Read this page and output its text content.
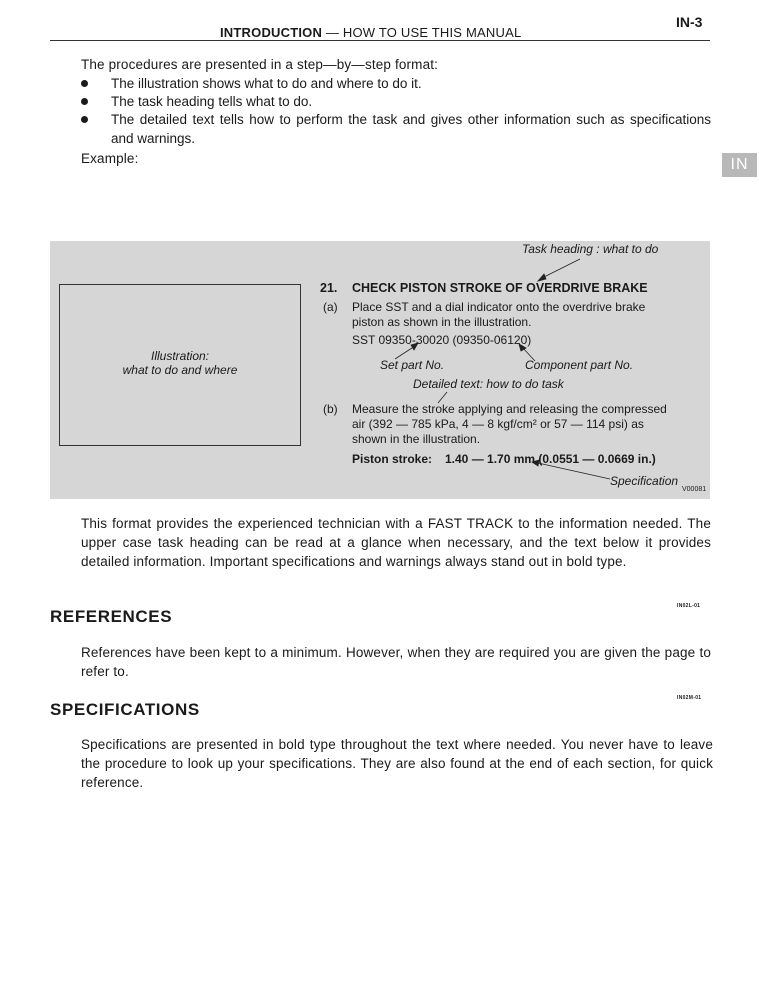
INTRODUCTION — HOW TO USE THIS MANUAL
IN-3
IN
The procedures are presented in a step—by—step format:
The illustration shows what to do and where to do it.
The task heading tells what to do.
The detailed text tells how to perform the task and gives other information such as specifications and warnings.
Example:
Illustration:
what to do and where
Task heading : what to do
21. CHECK PISTON STROKE OF OVERDRIVE BRAKE
(a) Place SST and a dial indicator onto the overdrive brake
piston as shown in the illustration.
SST 09350-30020 (09350-06120)
Set part No.	Component part No.
Detailed text: how to do task
(b) Measure the stroke applying and releasing the compressed
air (392 — 785 kPa, 4 — 8 kgf/cm² or 57 — 114 psi) as
shown in the illustration.
Piston stroke: 1.40 — 1.70 mm (0.0551 — 0.0669 in.)
Specification
V00081
This format provides the experienced technician with a FAST TRACK to the information needed. The upper case task heading can be read at a glance when necessary, and the text below it provides detailed information. Important specifications and warnings always stand out in bold type.
REFERENCES
IN02L-01
References have been kept to a minimum. However, when they are required you are given the page to refer to.
SPECIFICATIONS
IN02M-01
Specifications are presented in bold type throughout the text where needed. You never have to leave the procedure to look up your specifications. They are also found at the end of each section, for quick reference.
